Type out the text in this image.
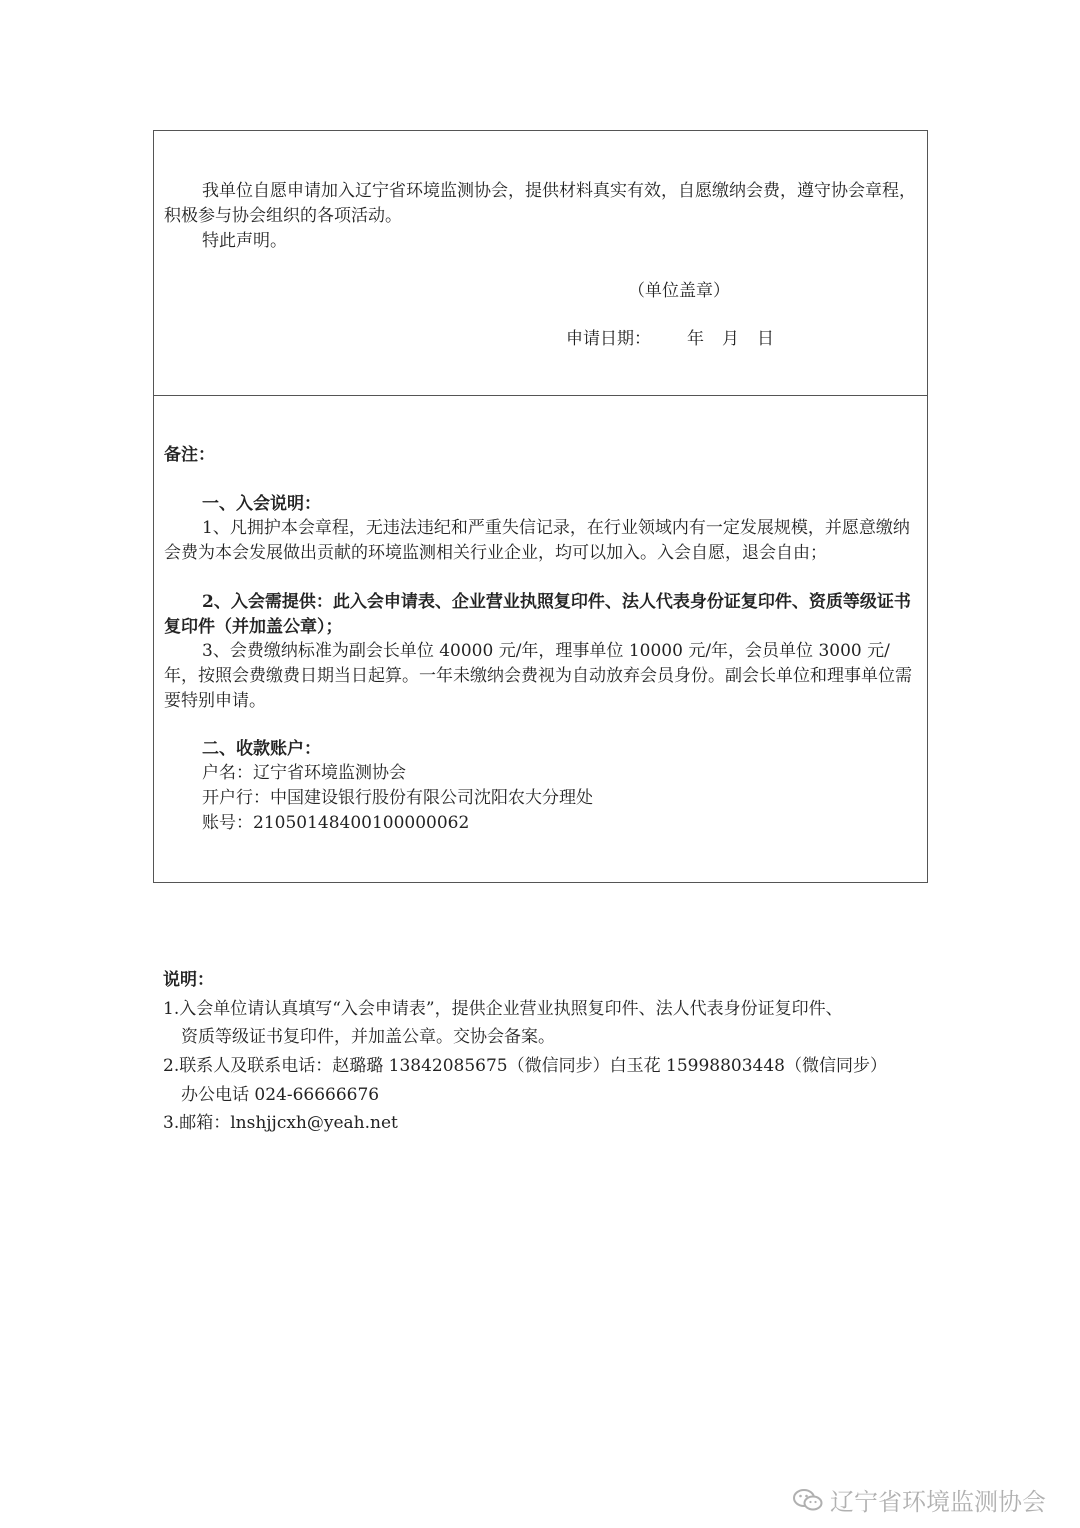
我单位自愿申请加入辽宁省环境监测协会，提供材料真实有效，自愿缴纳会费，遵守协会章程，积极参与协会组织的各项活动。
特此声明。
（单位盖章）
申请日期： 年 月 日
备注：
一、入会说明：
1、凡拥护本会章程，无违法违纪和严重失信记录，在行业领域内有一定发展规模，并愿意缴纳会费为本会发展做出贡献的环境监测相关行业企业，均可以加入。入会自愿，退会自由；
2、入会需提供：此入会申请表、企业营业执照复印件、法人代表身份证复印件、资质等级证书复印件（并加盖公章）；
3、会费缴纳标准为副会长单位 40000 元/年，理事单位 10000 元/年，会员单位 3000 元/年，按照会费缴费日期当日起算。一年未缴纳会费视为自动放弃会员身份。副会长单位和理事单位需要特别申请。
二、收款账户：
户名：辽宁省环境监测协会
开户行：中国建设银行股份有限公司沈阳农大分理处
账号：21050148400100000062
说明：
1.入会单位请认真填写“入会申请表”，提供企业营业执照复印件、法人代表身份证复印件、
资质等级证书复印件，并加盖公章。交协会备案。
2.联系人及联系电话：赵璐璐 13842085675（微信同步）白玉花 15998803448（微信同步）
办公电话 024-66666676
3.邮箱：lnshjjcxh@yeah.net
辽宁省环境监测协会
